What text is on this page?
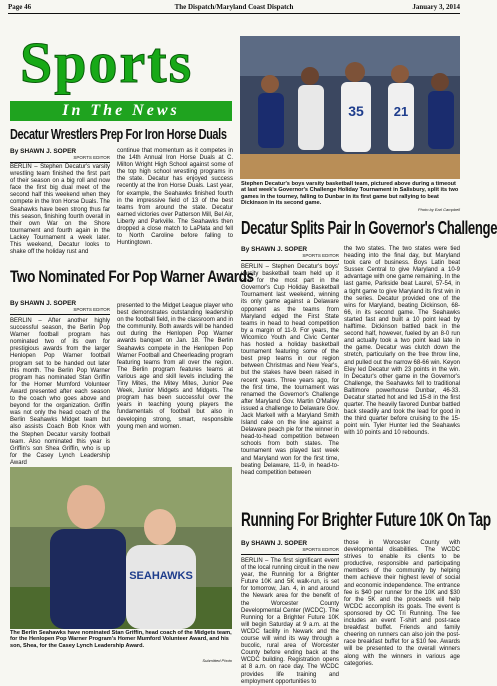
Page 46	The Dispatch/Maryland Coast Dispatch	January 3, 2014
Sports
In The News
Decatur Wrestlers Prep For Iron Horse Duals
By SHAWN J. SOPER
SPORTS EDITOR
BERLIN – Stephen Decatur's varsity wrestling team finished the first part of their season on a big roll and now face the first big dual meet of the second half this weekend when they compete in the Iron Horse Duals. The Seahawks have been strong thus far this season, finishing fourth overall in their own War on the Shore tournament and fourth again in the Lackey Tournament a week later. This weekend, Decatur looks to shake off the holiday rust and
continue that momentum as it competes in the 14th Annual Iron Horse Duals at C. Milton Wright High School against some of the top high school wrestling programs in the state. Decatur has enjoyed success recently at the Iron Horse Duals. Last year, for example, the Seahawks finished fourth in the impressive field of 13 of the best teams from around the state. Decatur earned victories over Patterson Mill, Bel Air, Liberty and Parkville. The Seahawks then dropped a close match to LaPlata and fell to North Caroline before falling to Huntingtown.
Two Nominated For Pop Warner Awards
By SHAWN J. SOPER
SPORTS EDITOR
BERLIN – After another highly successful season, the Berlin Pop Warner football program has nominated two of its own for prestigious awards from the larger Henlopen Pop Warner football program set to be handed out later this month. The Berlin Pop Warner program has nominated Stan Griffin for the Homer Mumford Volunteer Award presented after each season to the coach who goes above and beyond for the organization. Griffin was not only the head coach of the Berlin Seahawks Midget team but also assists Coach Bob Knox with the Stephen Decatur varsity football team. Also nominated this year is Griffin's son Shea Griffin, who is up for the Casey Lynch Leadership Award
presented to the Midget League player who best demonstrates outstanding leadership on the football field, in the classroom and in the community. Both awards will be handed out during the Henlopen Pop Warner awards banquet on Jan. 18. The Berlin Seahawks compete in the Henlopen Pop Warner Football and Cheerleading program featuring teams from all over the region. The Berlin program features teams at various age and skill levels including the Tiny Mites, the Mitey Mites, Junior Pee Week, Junior Midgets and Midgets. The program has been successful over the years in teaching young players the fundamentals of football but also in developing strong, smart, responsible young men and women.
SEAHAWKS
The Berlin Seahawks have nominated Stan Griffin, head coach of the Midgets team, for the Henlopen Pop Warner Program's Homer Mumford Volunteer Award, and his son, Shea, for the Casey Lynch Leadership Award.
Submitted Photo
35 21
Stephen Decatur's boys varsity basketball team, pictured above during a timeout at last week's Governor's Challenge Holiday Tournament in Salisbury, split its two games in the tourney, falling to Dunbar in its first game but rallying to beat Dickinson in its second game.
Photo by Earl Campbell
Decatur Splits Pair In Governor's Challenge
By SHAWN J. SOPER
SPORTS EDITOR
BERLIN – Stephen Decatur's boys' varsity basketball team held up it end for the most part in the Governor's Cup Holiday Basketball Tournament last weekend, winning its only game against a Delaware opponent as the teams from Maryland edged the First State teams in head to head competition by a margin of 11-9. For years, the Wicomico Youth and Civic Center has hosted a holiday basketball tournament featuring some of the best prep teams in our region between Christmas and New Year's, but the stakes have been raised in recent years. Three years ago, for the first time, the tournament was renamed the Governor's Challenge after Maryland Gov. Martin O'Malley issued a challenge to Delaware Gov. Jack Markell with a Maryland Smith Island cake on the line against a Delaware peach pie for the winner in head-to-head competition between schools from both states. The tournament was played last week and Maryland won for the first time, beating Delaware, 11-9, in head-to-head competition between
the two states. The two states were tied heading into the final day, but Maryland took care of business. Boys Latin beat Sussex Central to give Maryland a 10-9 advantage with one game remaining. In the last game, Parkside beat Laurel, 57-54, in a tight game to give Maryland its first win in the series. Decatur provided one of the wins for Maryland, beating Dickinson, 68-66, in its second game. The Seahawks started fast and built a 10 point lead by halftime. Dickinson battled back in the second half, however, fueled by an 8-0 run and actually took a two point lead late in the game. Decatur was clutch down the stretch, particularly on the free throw line, and pulled out the narrow 68-66 win. Keyon Eley led Decatur with 23 points in the win. In Decatur's other game in the Governor's Challenge, the Seahawks fell to traditional Baltimore powerhouse Dunbar, 46-33. Decatur started hot and led 15-8 in the first quarter. The heavily favored Dunbar battled back steadily and took the lead for good in the third quarter before cruising to the 15-point win. Tyler Hunter led the Seahawks with 10 points and 10 rebounds.
Running For Brighter Future 10K On Tap
By SHAWN J. SOPER
SPORTS EDITOR
BERLIN – The first significant event of the local running circuit in the new year, the Running for a Brighter Future 10K and 5K walk-run, is set for tomorrow, Jan. 4, in and around the Newark area for the benefit of the Worcester County Developmental Center (WCDC). The Running for a Brighter Future 10K will begin Saturday at 9 a.m. at the WCDC facility in Newark and the course will wind its way through a bucolic, rural area of Worcester County before ending back at the WCDC building. Registration opens at 8 a.m. on race day. The WCDC provides life training and employment opportunities to
those in Worcester County with developmental disabilities. The WCDC strives to enable its clients to be productive, responsible and participating members of the community by helping them achieve their highest level of social and economic independence. The entrance fee is $40 per runner for the 10K and $30 for the 5K and the proceeds will help WCDC accomplish its goals. The event is sponsored by OC Tri Running. The fee includes an event T-shirt and post-race breakfast buffet. Friends and family cheering on runners can also join the post-race breakfast buffet for a $10 fee. Awards will be presented to the overall winners along with the winners in various age categories.
